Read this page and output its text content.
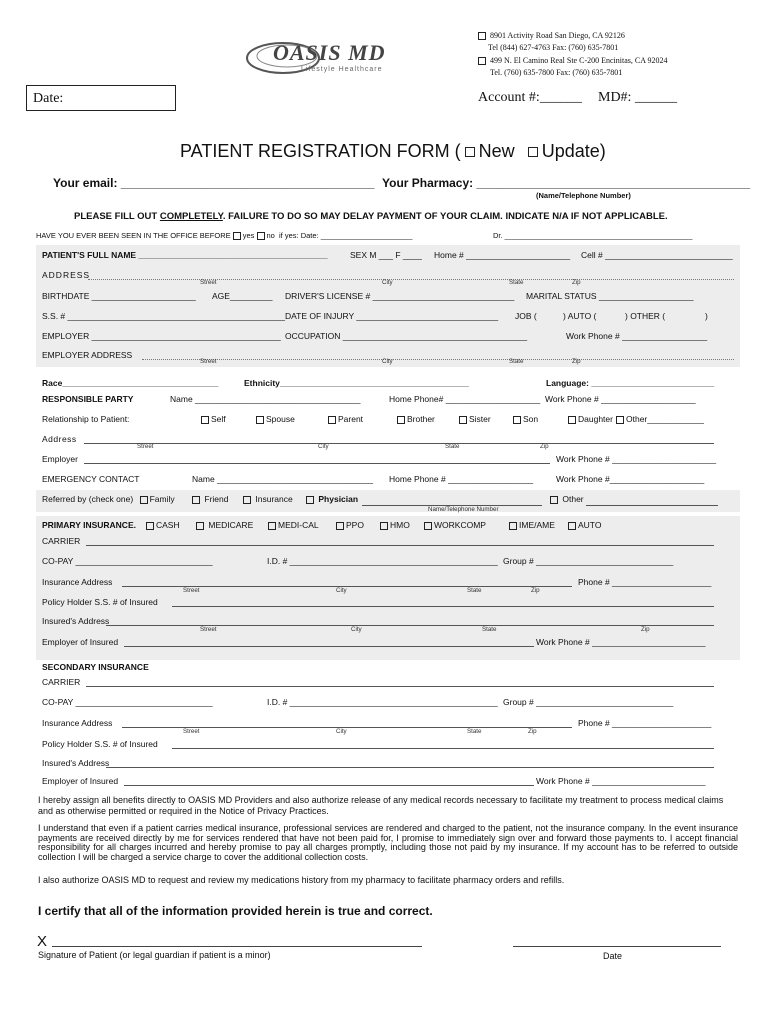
OASIS MD
Lifestyle Healthcare
8901 Activity Road San Diego, CA 92126
Tel (844) 627-4763 Fax: (760) 635-7801
499 N. El Camino Real Ste C-200 Encinitas, CA 92024
Tel. (760) 635-7800 Fax: (760) 635-7801
Date:	Account #:______ MD#: ______
PATIENT REGISTRATION FORM ( New Update)
Your email: ______________________________________ Your Pharmacy: _________________________________________
(Name/Telephone Number)
PLEASE FILL OUT COMPLETELY. FAILURE TO DO SO MAY DELAY PAYMENT OF YOUR CLAIM. INDICATE N/A IF NOT APPLICABLE.
HAVE YOU EVER BEEN SEEN IN THE OFFICE BEFORE yes no if yes: Date: ______________________	Dr. _____________________________________________
PATIENT'S FULL NAME ________________________________________	SEX M ___ F ____ Home # ______________________ Cell # ___________________________
ADDRESS
Street	City	State	Zip
BIRTHDATE ______________________ AGE_________ DRIVER'S LICENSE # ______________________________ MARITAL STATUS ____________________
S.S. # ______________________________________________ DATE OF INJURY ______________________________ JOB (	) AUTO (	) OTHER (	)
EMPLOYER ________________________________________ OCCUPATION _______________________________________	Work Phone # __________________
EMPLOYER ADDRESS
Street	City	State	Zip
Race_________________________________	Ethnicity________________________________________	Language: __________________________
RESPONSIBLE PARTY	Name ___________________________________	Home Phone# ____________________ Work Phone # ____________________
Relationship to Patient:	Self	Spouse	Parent	Brother	Sister	Son	Daughter	Other____________
Address
Street	City	State	Zip
Employer	Work Phone # ______________________
EMERGENCY CONTACT	Name _________________________________ Home Phone # __________________	Work Phone #____________________
Referred by (check one) Family	Friend	Insurance	Physician	Other
Name/Telephone Number
PRIMARY INSURANCE.	CASH	MEDICARE	MEDI-CAL	PPO	HMO	WORKCOMP	IME/AME	AUTO
CARRIER
CO-PAY _____________________________	I.D. # ____________________________________________ Group # _____________________________
Insurance Address	Phone # _____________________
Street	City	State	Zip
Policy Holder S.S. # of Insured
Insured's Address
Street	City	State	Zip
Employer of Insured	Work Phone # ________________________
SECONDARY INSURANCE
CARRIER
CO-PAY _____________________________	I.D. # ____________________________________________ Group # _____________________________
Insurance Address	Phone # _____________________
Street	City	State	Zip
Policy Holder S.S. # of Insured
Insured's Address
Employer of Insured	Work Phone # ________________________
I hereby assign all benefits directly to OASIS MD Providers and also authorize release of any medical records necessary to facilitate my treatment to process medical claims and as otherwise permitted or required in the Notice of Privacy Practices.
I understand that even if a patient carries medical insurance, professional services are rendered and charged to the patient, not the insurance company. In the event insurance payments are received directly by me for services rendered that have not been paid for, I promise to immediately sign over and forward those payments to. I accept financial responsibility for all charges incurred and hereby promise to pay all charges promptly, including those not paid by my insurance. If my account has to be referred to outside collection I will be charged a service charge to cover the additional collection costs.
I also authorize OASIS MD to request and review my medications history from my pharmacy to facilitate pharmacy orders and refills.
I certify that all of the information provided herein is true and correct.
X
Signature of Patient (or legal guardian if patient is a minor)	Date
